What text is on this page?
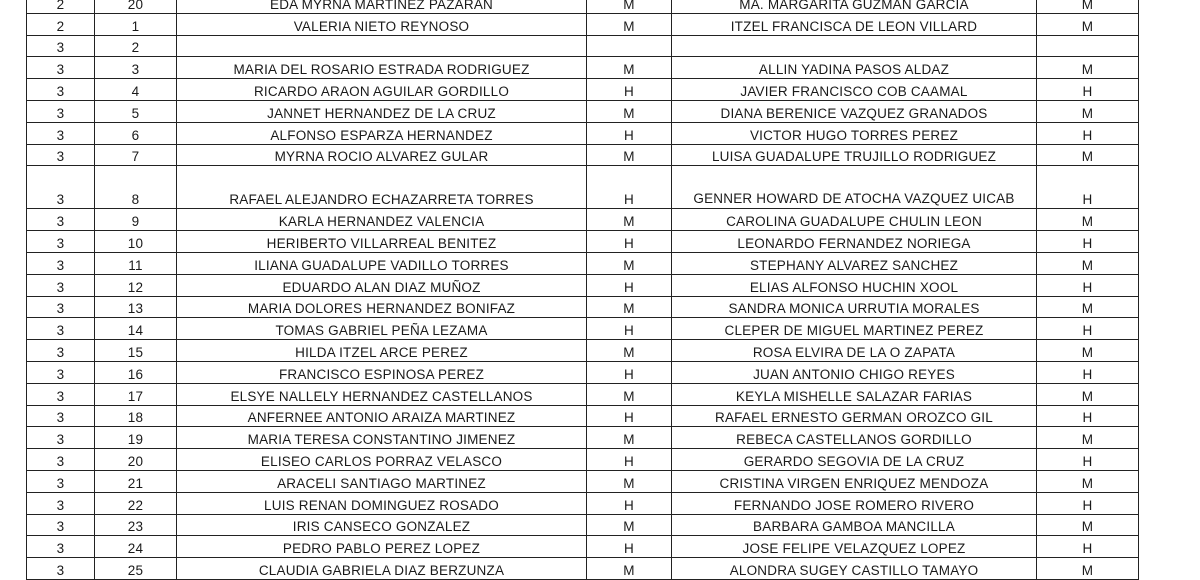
2	20	EDA MYRNA MARTINEZ PAZARAN	M	MA. MARGARITA GUZMAN GARCIA	M
2	1	VALERIA NIETO REYNOSO	M	ITZEL FRANCISCA DE LEON VILLARD	M
3	2				
3	3	MARIA DEL ROSARIO ESTRADA RODRIGUEZ	M	ALLIN YADINA PASOS ALDAZ	M
3	4	RICARDO ARAON AGUILAR GORDILLO	H	JAVIER FRANCISCO COB CAAMAL	H
3	5	JANNET HERNANDEZ DE LA CRUZ	M	DIANA BERENICE VAZQUEZ GRANADOS	M
3	6	ALFONSO ESPARZA HERNANDEZ	H	VICTOR HUGO TORRES PEREZ	H
3	7	MYRNA ROCIO ALVAREZ GULAR	M	LUISA GUADALUPE TRUJILLO RODRIGUEZ	M
3	8	RAFAEL ALEJANDRO ECHAZARRETA TORRES	H	GENNER HOWARD DE ATOCHA VAZQUEZ UICAB	H
3	9	KARLA HERNANDEZ VALENCIA	M	CAROLINA GUADALUPE CHULIN LEON	M
3	10	HERIBERTO VILLARREAL BENITEZ	H	LEONARDO FERNANDEZ NORIEGA	H
3	11	ILIANA GUADALUPE VADILLO TORRES	M	STEPHANY ALVAREZ SANCHEZ	M
3	12	EDUARDO ALAN DIAZ MUÑOZ	H	ELIAS ALFONSO HUCHIN XOOL	H
3	13	MARIA DOLORES HERNANDEZ BONIFAZ	M	SANDRA MONICA URRUTIA MORALES	M
3	14	TOMAS GABRIEL PEÑA LEZAMA	H	CLEPER DE MIGUEL MARTINEZ PEREZ	H
3	15	HILDA ITZEL ARCE PEREZ	M	ROSA ELVIRA DE LA O ZAPATA	M
3	16	FRANCISCO ESPINOSA PEREZ	H	JUAN ANTONIO CHIGO REYES	H
3	17	ELSYE NALLELY HERNANDEZ CASTELLANOS	M	KEYLA MISHELLE SALAZAR FARIAS	M
3	18	ANFERNEE ANTONIO ARAIZA MARTINEZ	H	RAFAEL ERNESTO GERMAN OROZCO GIL	H
3	19	MARIA TERESA CONSTANTINO JIMENEZ	M	REBECA CASTELLANOS GORDILLO	M
3	20	ELISEO CARLOS PORRAZ VELASCO	H	GERARDO SEGOVIA DE LA CRUZ	H
3	21	ARACELI SANTIAGO MARTINEZ	M	CRISTINA VIRGEN ENRIQUEZ MENDOZA	M
3	22	LUIS RENAN DOMINGUEZ ROSADO	H	FERNANDO JOSE ROMERO RIVERO	H
3	23	IRIS CANSECO GONZALEZ	M	BARBARA GAMBOA MANCILLA	M
3	24	PEDRO PABLO PEREZ LOPEZ	H	JOSE FELIPE VELAZQUEZ LOPEZ	H
3	25	CLAUDIA GABRIELA DIAZ BERZUNZA	M	ALONDRA SUGEY CASTILLO TAMAYO	M
